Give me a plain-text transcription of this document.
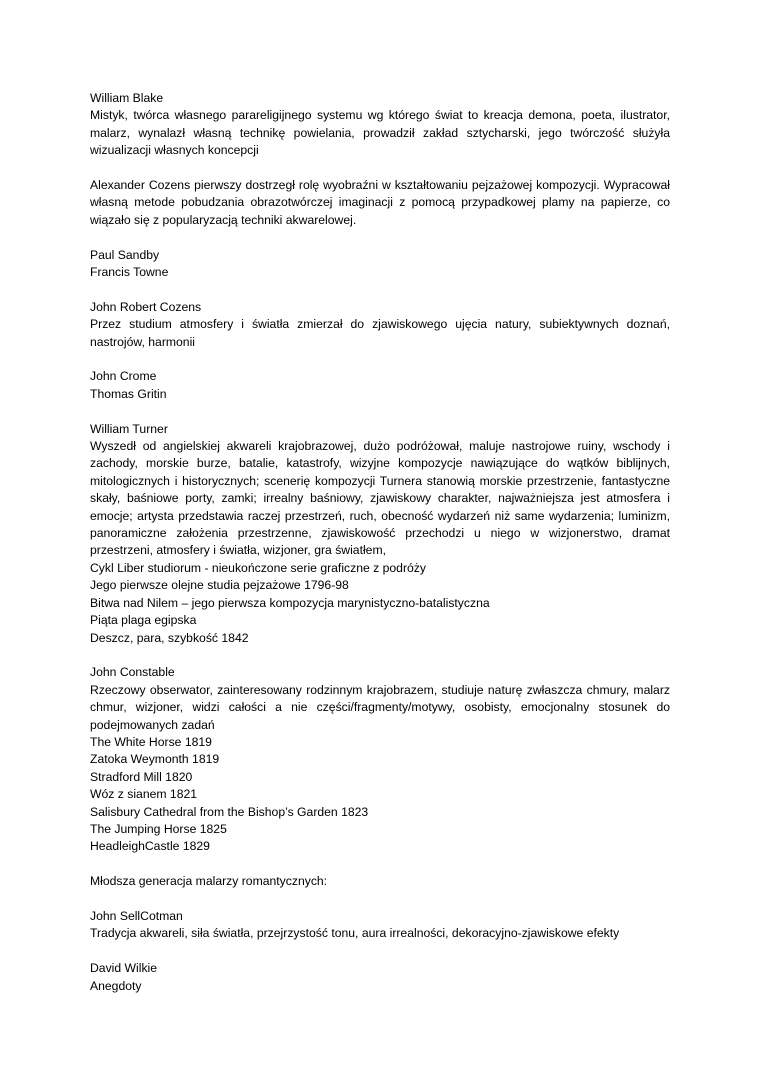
William Blake
Mistyk, twórca własnego parareligijnego systemu wg którego świat to kreacja demona, poeta, ilustrator, malarz, wynalazł własną technikę powielania, prowadził zakład sztycharski, jego twórczość służyła wizualizacji własnych koncepcji
Alexander Cozens pierwszy dostrzegł rolę wyobraźni w kształtowaniu pejzażowej kompozycji. Wypracował własną metode pobudzania obrazotwórczej imaginacji z pomocą przypadkowej plamy na papierze, co wiązało się z popularyzacją techniki akwarelowej.
Paul Sandby
Francis Towne
John Robert Cozens
Przez studium atmosfery i światła zmierzał do zjawiskowego ujęcia natury, subiektywnych doznań, nastrojów, harmonii
John Crome
Thomas Gritin
William Turner
Wyszedł od angielskiej akwareli krajobrazowej, dużo podróżował, maluje nastrojowe ruiny, wschody i zachody, morskie burze, batalie, katastrofy, wizyjne kompozycje nawiązujące do wątków biblijnych, mitologicznych i historycznych; scenerię kompozycji Turnera stanowią morskie przestrzenie, fantastyczne skały, baśniowe porty, zamki; irrealny baśniowy, zjawiskowy charakter, najważniejsza jest atmosfera i emocje; artysta przedstawia raczej przestrzeń, ruch, obecność wydarzeń niż same wydarzenia; luminizm, panoramiczne założenia przestrzenne, zjawiskowość przechodzi u niego w wizjonerstwo, dramat przestrzeni, atmosfery i światła, wizjoner, gra światłem,
Cykl Liber studiorum - nieukończone serie graficzne z podróży
Jego pierwsze olejne studia pejzażowe 1796-98
Bitwa nad Nilem – jego pierwsza kompozycja marynistyczno-batalistyczna
Piąta plaga egipska
Deszcz, para, szybkość 1842
John Constable
Rzeczowy obserwator, zainteresowany rodzinnym krajobrazem, studiuje naturę zwłaszcza chmury, malarz chmur, wizjoner, widzi całości a nie części/fragmenty/motywy, osobisty, emocjonalny stosunek do podejmowanych zadań
The White Horse 1819
Zatoka Weymonth 1819
Stradford Mill 1820
Wóz z sianem 1821
Salisbury Cathedral from the Bishop’s Garden 1823
The Jumping Horse 1825
HeadleighCastle 1829
Młodsza generacja malarzy romantycznych:
John SellCotman
Tradycja akwareli, siła światła, przejrzystość tonu, aura irrealności, dekoracyjno-zjawiskowe efekty
David Wilkie
Anegdoty
